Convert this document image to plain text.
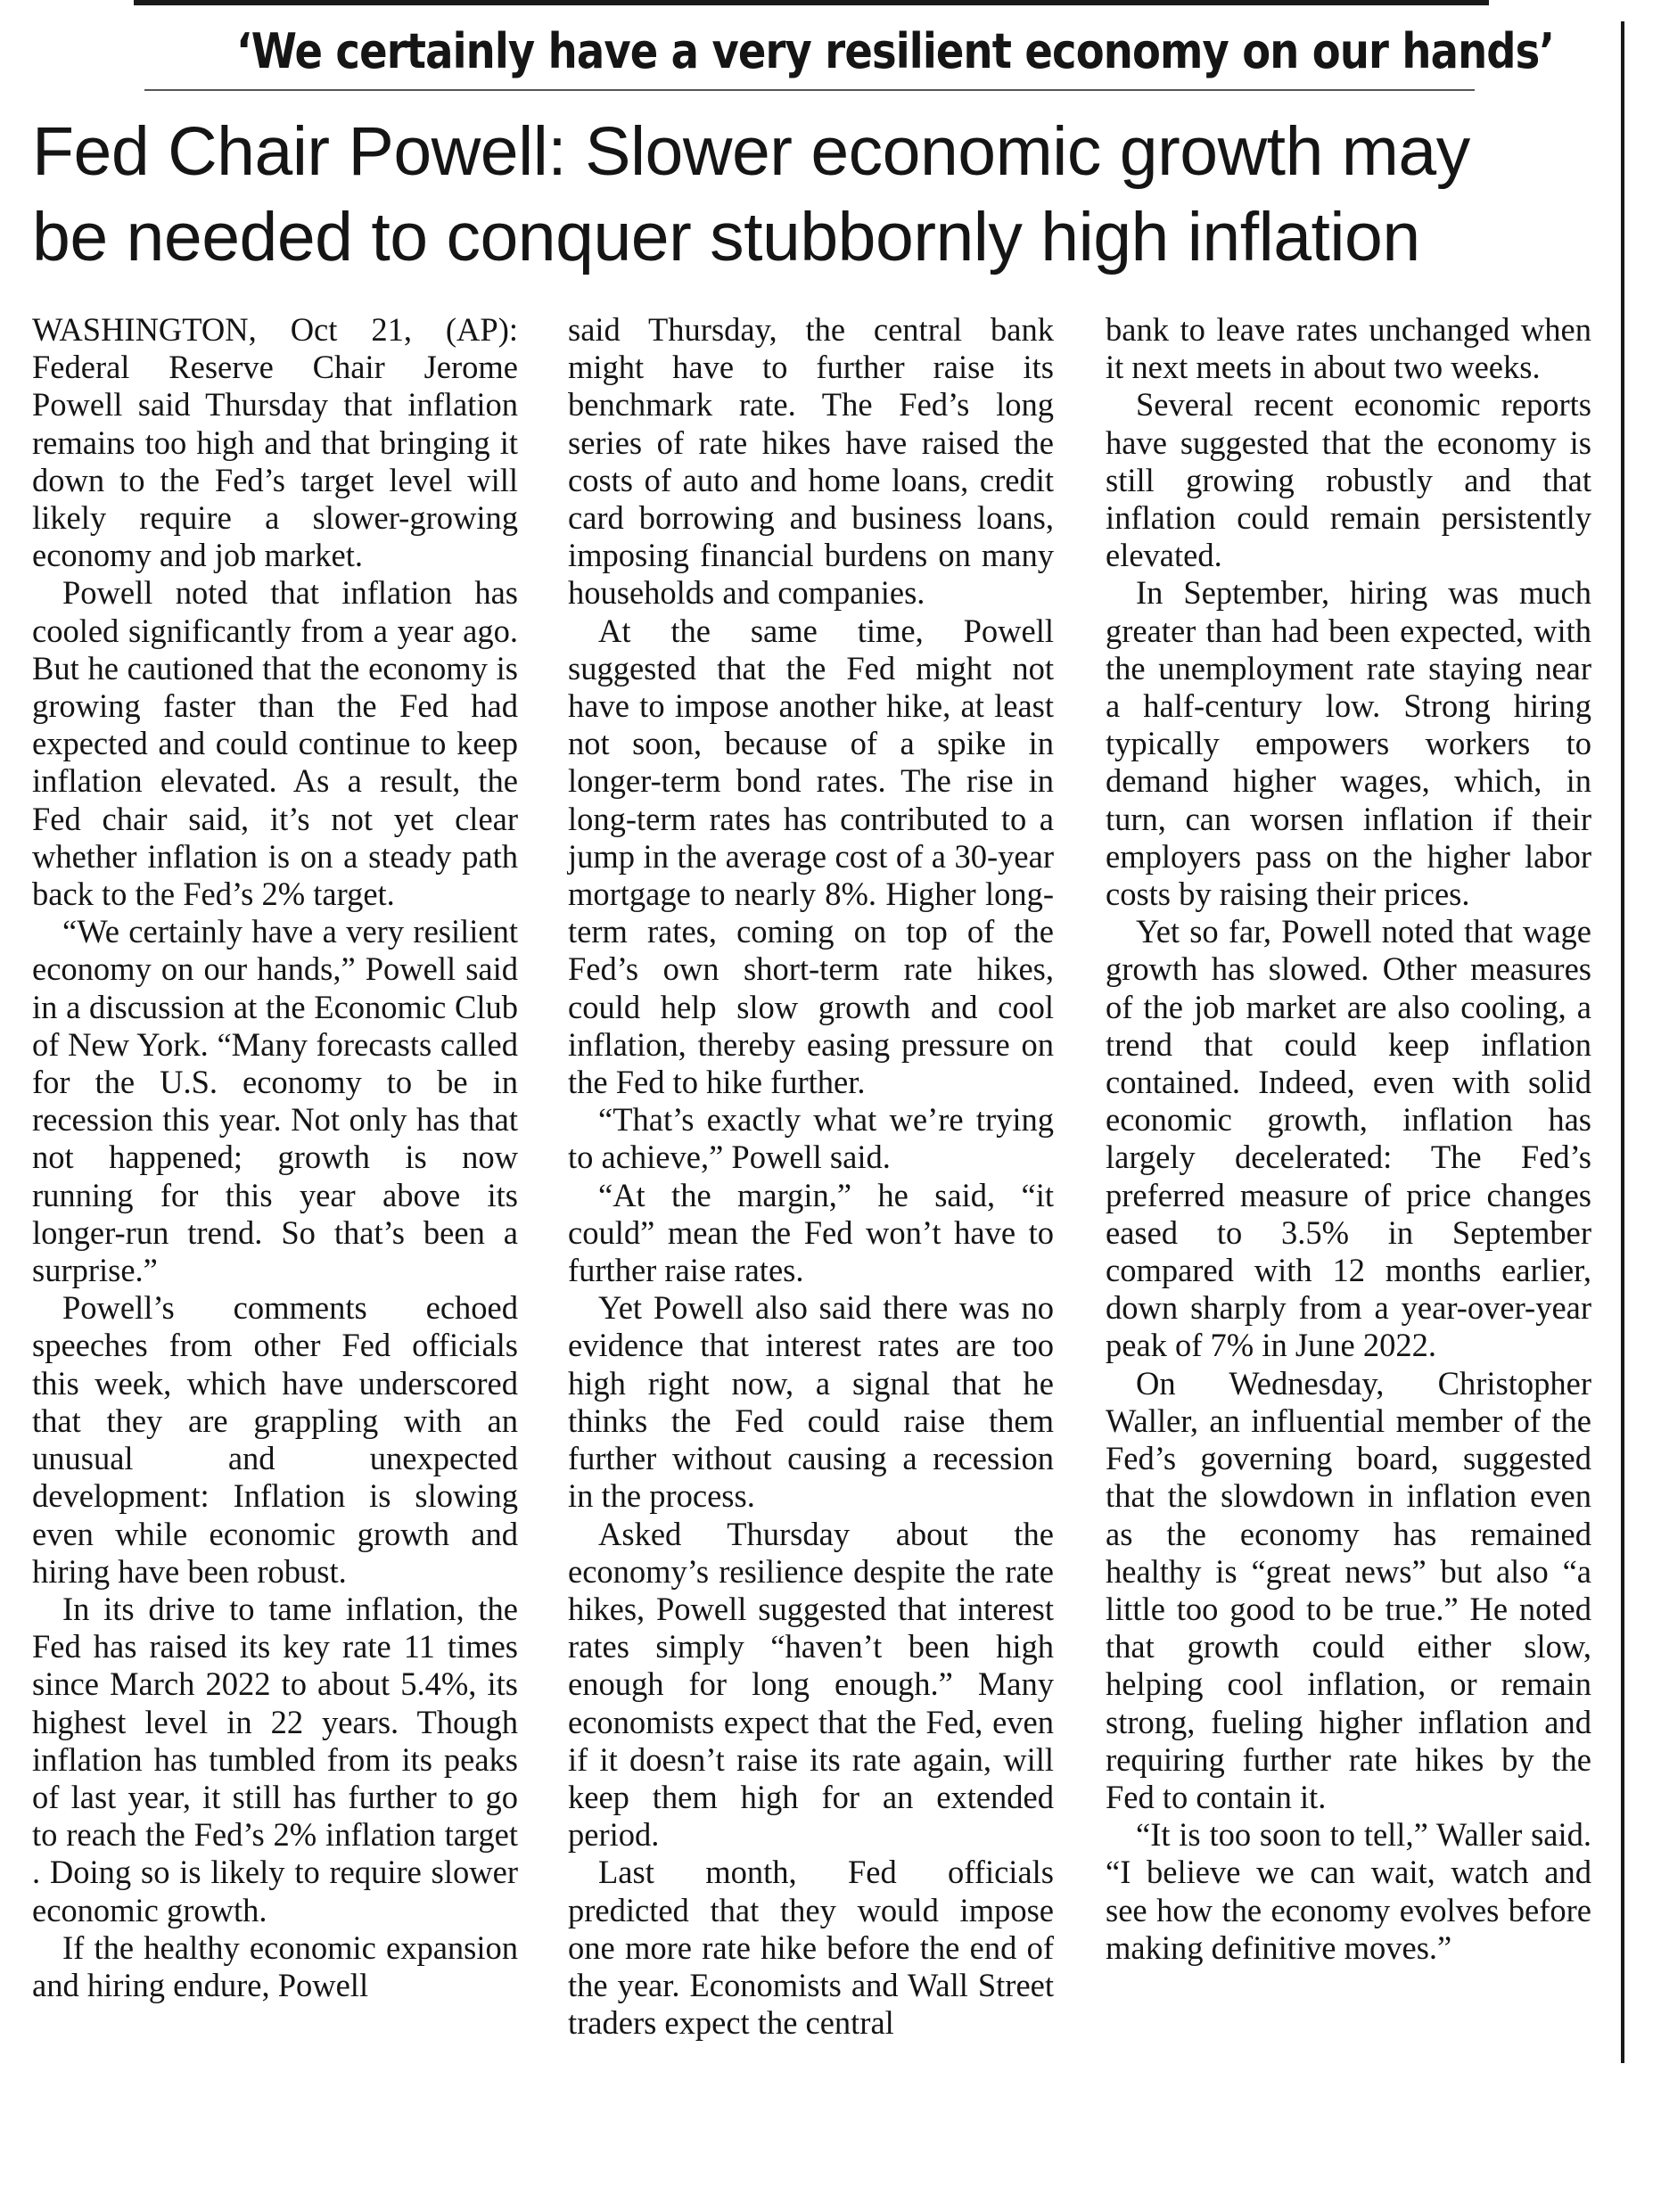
‘We certainly have a very resilient economy on our hands’
Fed Chair Powell: Slower economic growth may
be needed to conquer stubbornly high inflation

WASHINGTON, Oct 21, (AP): Federal Reserve Chair Jerome Powell said Thursday that inflation remains too high and that bringing it down to the Fed’s target level will likely require a slower-growing economy and job market.

Powell noted that inflation has cooled significantly from a year ago. But he cautioned that the economy is growing faster than the Fed had expected and could continue to keep inflation elevated. As a result, the Fed chair said, it’s not yet clear whether inflation is on a steady path back to the Fed’s 2% target.

“We certainly have a very resilient economy on our hands,” Powell said in a discussion at the Economic Club of New York. “Many forecasts called for the U.S. economy to be in recession this year. Not only has that not happened; growth is now running for this year above its longer-run trend. So that’s been a surprise.”

Powell’s comments echoed speeches from other Fed officials this week, which have underscored that they are grappling with an unusual and unexpected development: Inflation is slowing even while economic growth and hiring have been robust.

In its drive to tame inflation, the Fed has raised its key rate 11 times since March 2022 to about 5.4%, its highest level in 22 years. Though inflation has tumbled from its peaks of last year, it still has further to go to reach the Fed’s 2% inflation target . Doing so is likely to require slower economic growth.

If the healthy economic expansion and hiring endure, Powell

said Thursday, the central bank might have to further raise its benchmark rate. The Fed’s long series of rate hikes have raised the costs of auto and home loans, credit card borrowing and business loans, imposing financial burdens on many households and companies.

At the same time, Powell suggested that the Fed might not have to impose another hike, at least not soon, because of a spike in longer-term bond rates. The rise in long-term rates has contributed to a jump in the average cost of a 30-year mortgage to nearly 8%. Higher long-term rates, coming on top of the Fed’s own short-term rate hikes, could help slow growth and cool inflation, thereby easing pressure on the Fed to hike further.

“That’s exactly what we’re trying to achieve,” Powell said.

“At the margin,” he said, “it could” mean the Fed won’t have to further raise rates.

Yet Powell also said there was no evidence that interest rates are too high right now, a signal that he thinks the Fed could raise them further without causing a recession in the process.

Asked Thursday about the economy’s resilience despite the rate hikes, Powell suggested that interest rates simply “haven’t been high enough for long enough.” Many economists expect that the Fed, even if it doesn’t raise its rate again, will keep them high for an extended period.

Last month, Fed officials predicted that they would impose one more rate hike before the end of the year. Economists and Wall Street traders expect the central

bank to leave rates unchanged when it next meets in about two weeks.

Several recent economic reports have suggested that the economy is still growing robustly and that inflation could remain persistently elevated.

In September, hiring was much greater than had been expected, with the unemployment rate staying near a half-century low. Strong hiring typically empowers workers to demand higher wages, which, in turn, can worsen inflation if their employers pass on the higher labor costs by raising their prices.

Yet so far, Powell noted that wage growth has slowed. Other measures of the job market are also cooling, a trend that could keep inflation contained. Indeed, even with solid economic growth, inflation has largely decelerated: The Fed’s preferred measure of price changes eased to 3.5% in September compared with 12 months earlier, down sharply from a year-over-year peak of 7% in June 2022.

On Wednesday, Christopher Waller, an influential member of the Fed’s governing board, suggested that the slowdown in inflation even as the economy has remained healthy is “great news” but also “a little too good to be true.” He noted that growth could either slow, helping cool inflation, or remain strong, fueling higher inflation and requiring further rate hikes by the Fed to contain it.

“It is too soon to tell,” Waller said. “I believe we can wait, watch and see how the economy evolves before making definitive moves.”
